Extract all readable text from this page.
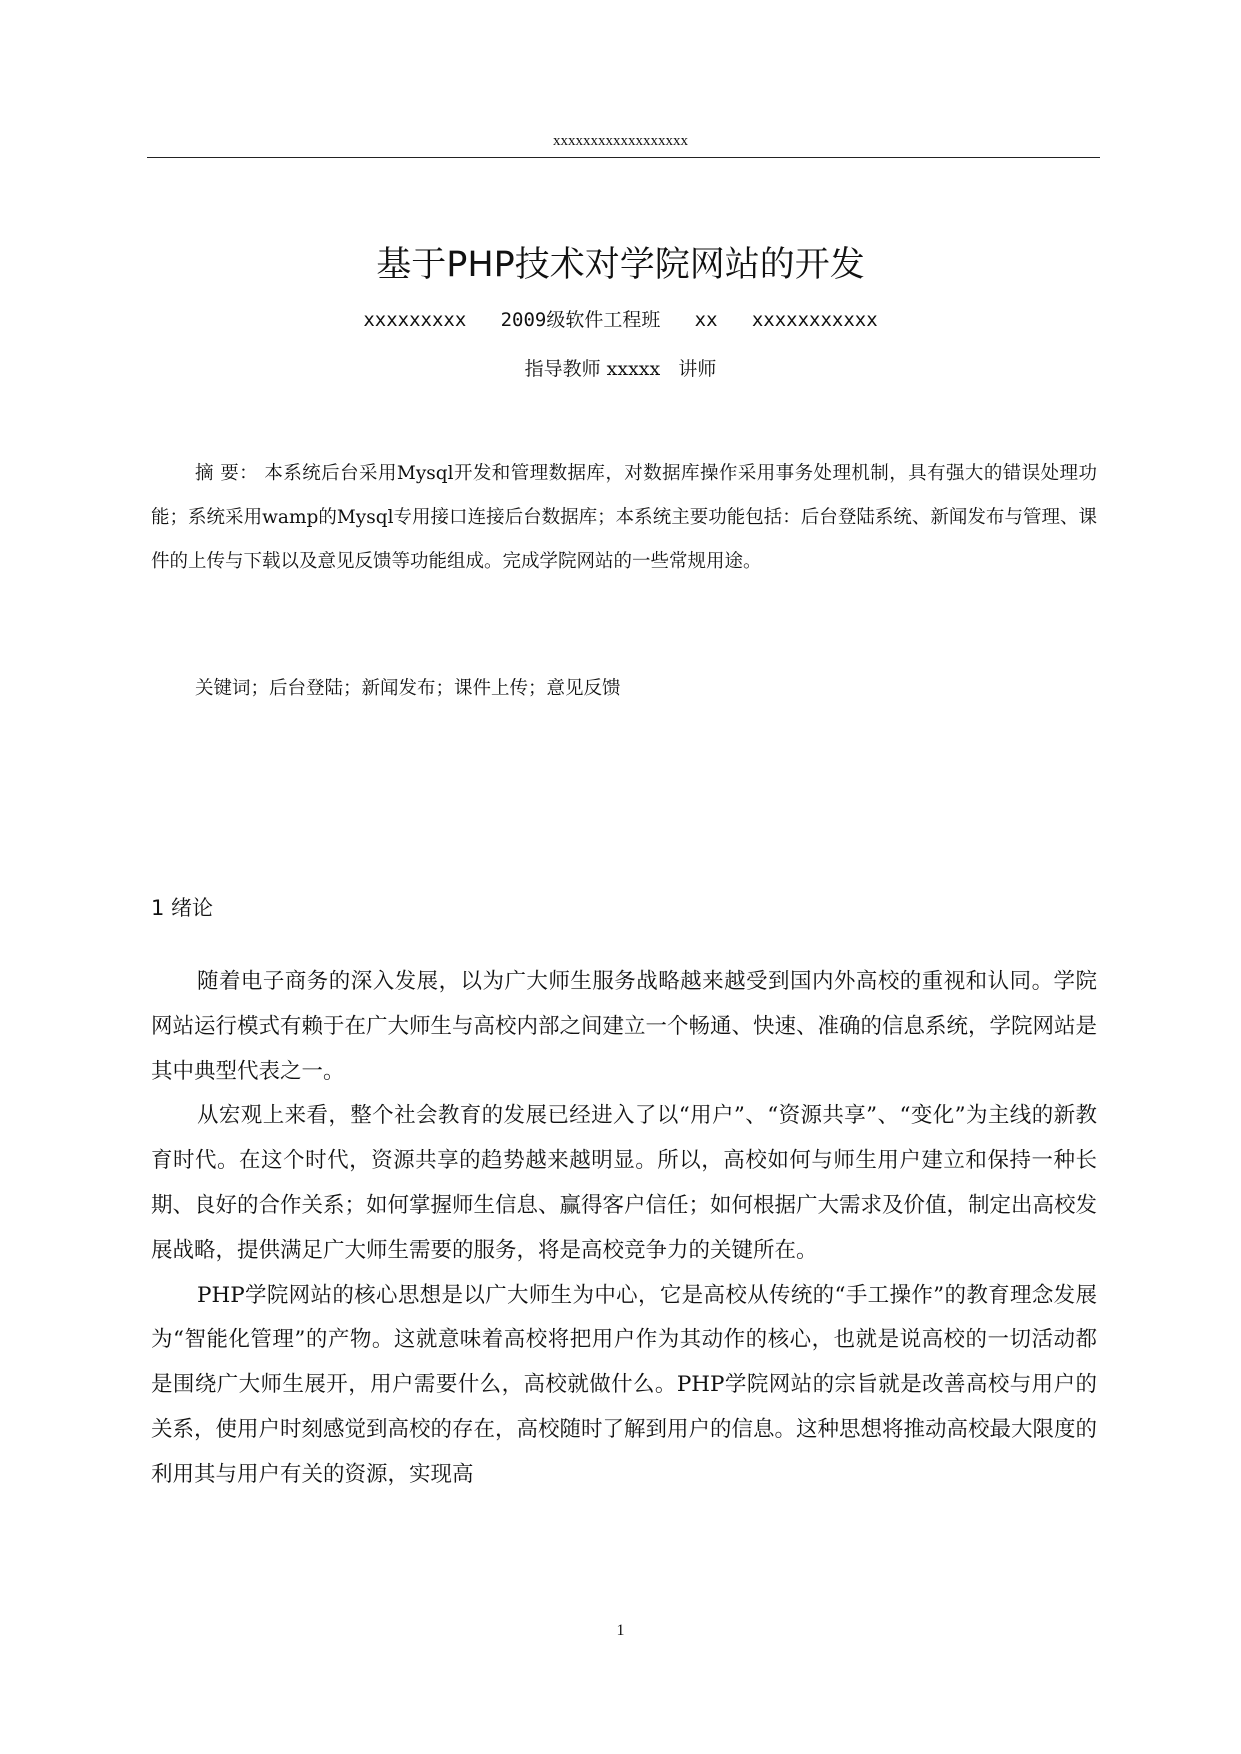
xxxxxxxxxxxxxxxxxx
基于PHP技术对学院网站的开发
xxxxxxxxx   2009级软件工程班   xx   xxxxxxxxxxx
指导教师 xxxxx   讲师
摘 要： 本系统后台采用Mysql开发和管理数据库，对数据库操作采用事务处理机制，具有强大的错误处理功能；系统采用wamp的Mysql专用接口连接后台数据库；本系统主要功能包括：后台登陆系统、新闻发布与管理、课件的上传与下载以及意见反馈等功能组成。完成学院网站的一些常规用途。
关键词；后台登陆；新闻发布；课件上传；意见反馈
1 绪论

随着电子商务的深入发展，以为广大师生服务战略越来越受到国内外高校的重视和认同。学院网站运行模式有赖于在广大师生与高校内部之间建立一个畅通、快速、准确的信息系统，学院网站是其中典型代表之一。

从宏观上来看，整个社会教育的发展已经进入了以“用户”、“资源共享”、“变化”为主线的新教育时代。在这个时代，资源共享的趋势越来越明显。所以，高校如何与师生用户建立和保持一种长期、良好的合作关系；如何掌握师生信息、赢得客户信任；如何根据广大需求及价值，制定出高校发展战略，提供满足广大师生需要的服务，将是高校竞争力的关键所在。

PHP学院网站的核心思想是以广大师生为中心，它是高校从传统的“手工操作”的教育理念发展为“智能化管理”的产物。这就意味着高校将把用户作为其动作的核心，也就是说高校的一切活动都是围绕广大师生展开，用户需要什么，高校就做什么。PHP学院网站的宗旨就是改善高校与用户的关系，使用户时刻感觉到高校的存在，高校随时了解到用户的信息。这种思想将推动高校最大限度的利用其与用户有关的资源，实现高

1
